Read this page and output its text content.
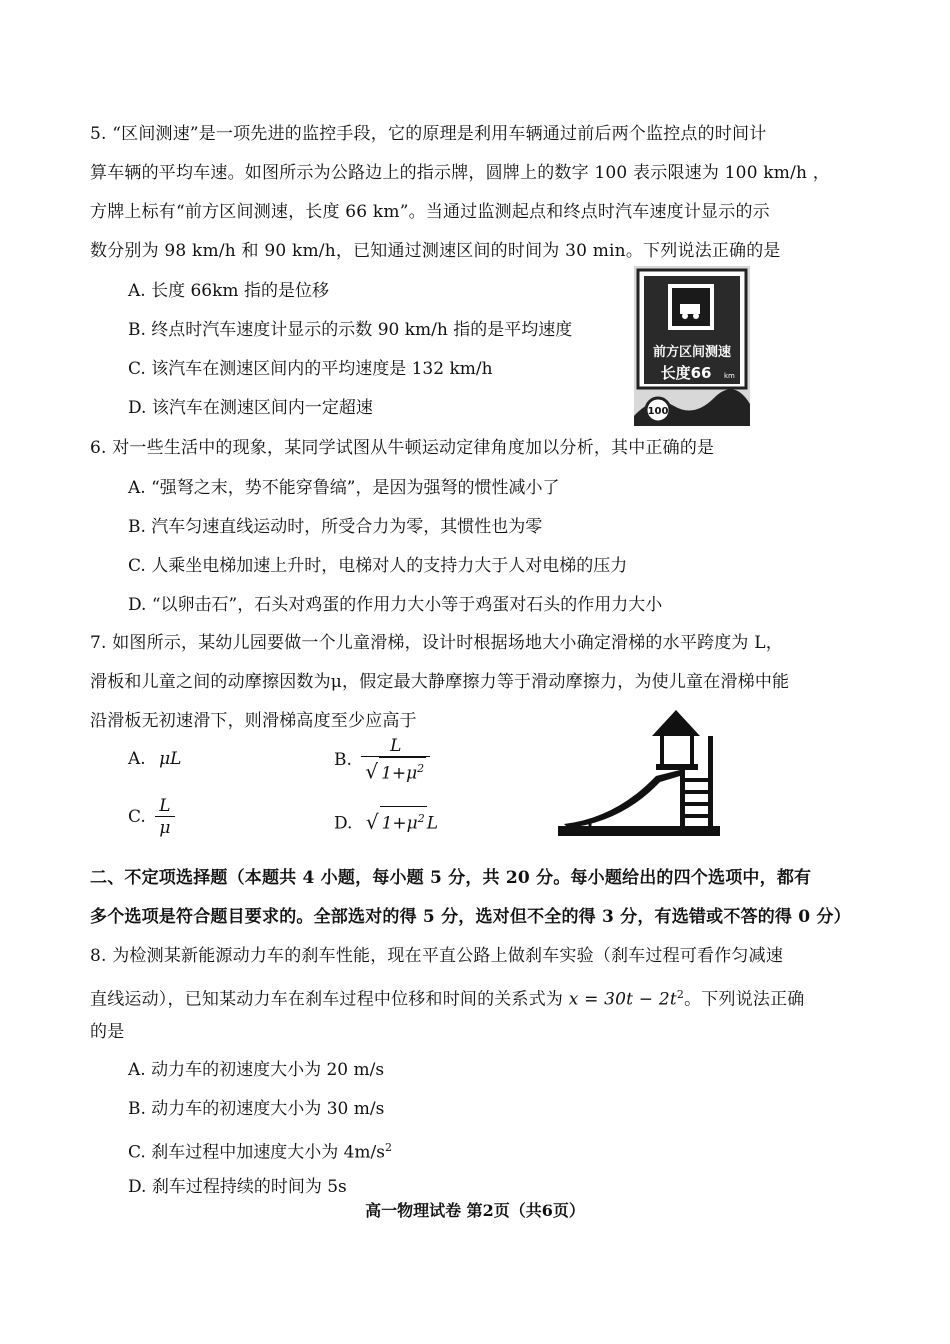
5. “区间测速”是一项先进的监控手段，它的原理是利用车辆通过前后两个监控点的时间计
算车辆的平均车速。如图所示为公路边上的指示牌，圆牌上的数字 100 表示限速为 100 km/h ，
方牌上标有“前方区间测速，长度 66 km”。当通过监测起点和终点时汽车速度计显示的示
数分别为 98 km/h 和 90 km/h，已知通过测速区间的时间为 30 min。下列说法正确的是
A. 长度 66km 指的是位移
B. 终点时汽车速度计显示的示数 90 km/h 指的是平均速度
C. 该汽车在测速区间内的平均速度是 132 km/h
D. 该汽车在测速区间内一定超速
前方区间测速
长度66 km
100
6. 对一些生活中的现象，某同学试图从牛顿运动定律角度加以分析，其中正确的是
A. “强弩之末，势不能穿鲁缟”，是因为强弩的惯性减小了
B. 汽车匀速直线运动时，所受合力为零，其惯性也为零
C. 人乘坐电梯加速上升时，电梯对人的支持力大于人对电梯的压力
D. “以卵击石”，石头对鸡蛋的作用力大小等于鸡蛋对石头的作用力大小
7. 如图所示，某幼儿园要做一个儿童滑梯，设计时根据场地大小确定滑梯的水平跨度为 L，
滑板和儿童之间的动摩擦因数为μ，假定最大静摩擦力等于滑动摩擦力，为使儿童在滑梯中能
沿滑板无初速滑下，则滑梯高度至少应高于
A. μL	B. $\frac{L}{√ 1+\mu^2}$
C. $\frac{L}{\mu}$	D. √ $1+\mu^2$ L
二、不定项选择题（本题共 4 小题，每小题 5 分，共 20 分。每小题给出的四个选项中，都有
多个选项是符合题目要求的。全部选对的得 5 分，选对但不全的得 3 分，有选错或不答的得 0 分）
8. 为检测某新能源动力车的刹车性能，现在平直公路上做刹车实验（刹车过程可看作匀减速
直线运动），已知某动力车在刹车过程中位移和时间的关系式为 $x = 30t - 2t^2$。下列说法正确
的是
A. 动力车的初速度大小为 20 m/s
B. 动力车的初速度大小为 30 m/s
C. 刹车过程中加速度大小为 $4m/s^2$
D. 刹车过程持续的时间为 5s
高一物理试卷 第2页（共6页）
